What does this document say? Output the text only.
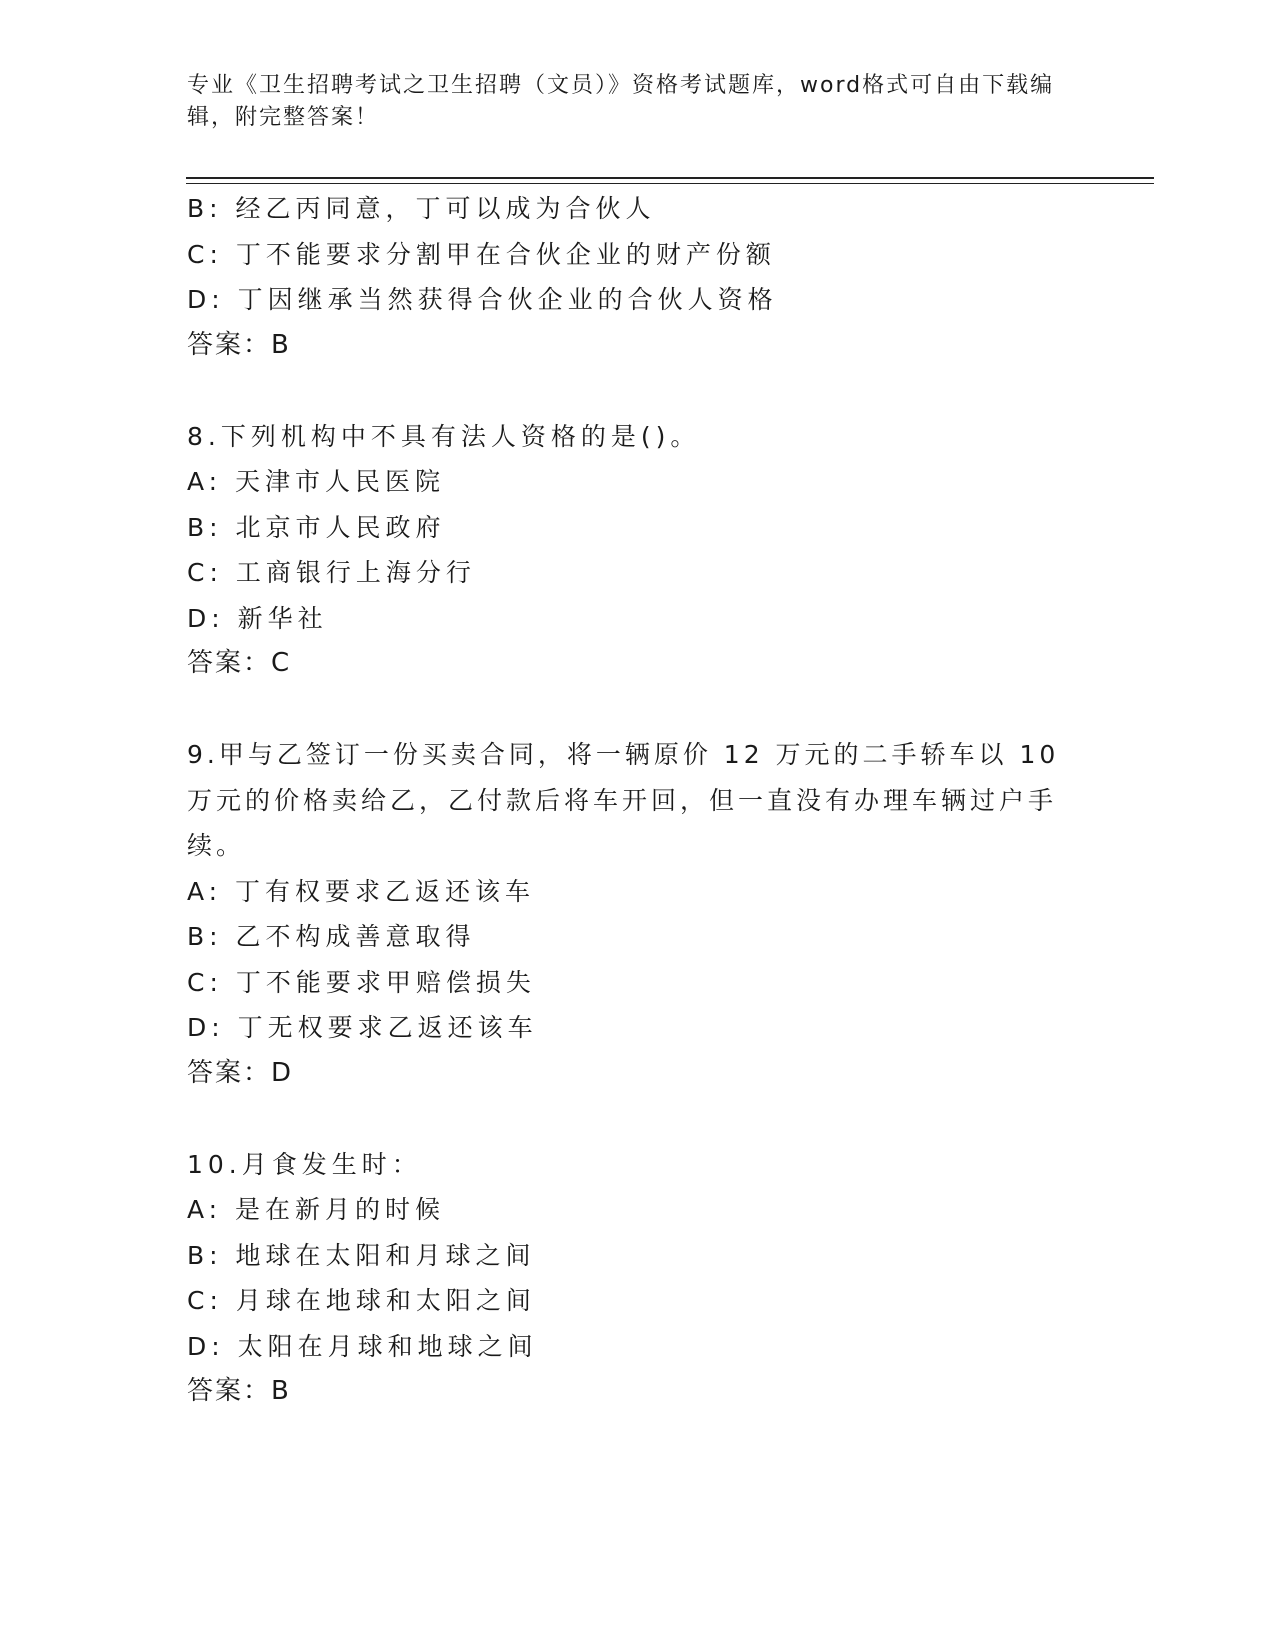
专业《卫生招聘考试之卫生招聘（文员）》资格考试题库，word格式可自由下载编辑，附完整答案！
B: 经乙丙同意，丁可以成为合伙人
C: 丁不能要求分割甲在合伙企业的财产份额
D: 丁因继承当然获得合伙企业的合伙人资格
答案：B
8.下列机构中不具有法人资格的是()。
A: 天津市人民医院
B: 北京市人民政府
C: 工商银行上海分行
D: 新华社
答案：C
9.甲与乙签订一份买卖合同，将一辆原价 12 万元的二手轿车以 10 万元的价格卖给乙，乙付款后将车开回，但一直没有办理车辆过户手续。
A: 丁有权要求乙返还该车
B: 乙不构成善意取得
C: 丁不能要求甲赔偿损失
D: 丁无权要求乙返还该车
答案：D
10.月食发生时：
A: 是在新月的时候
B: 地球在太阳和月球之间
C: 月球在地球和太阳之间
D: 太阳在月球和地球之间
答案：B
